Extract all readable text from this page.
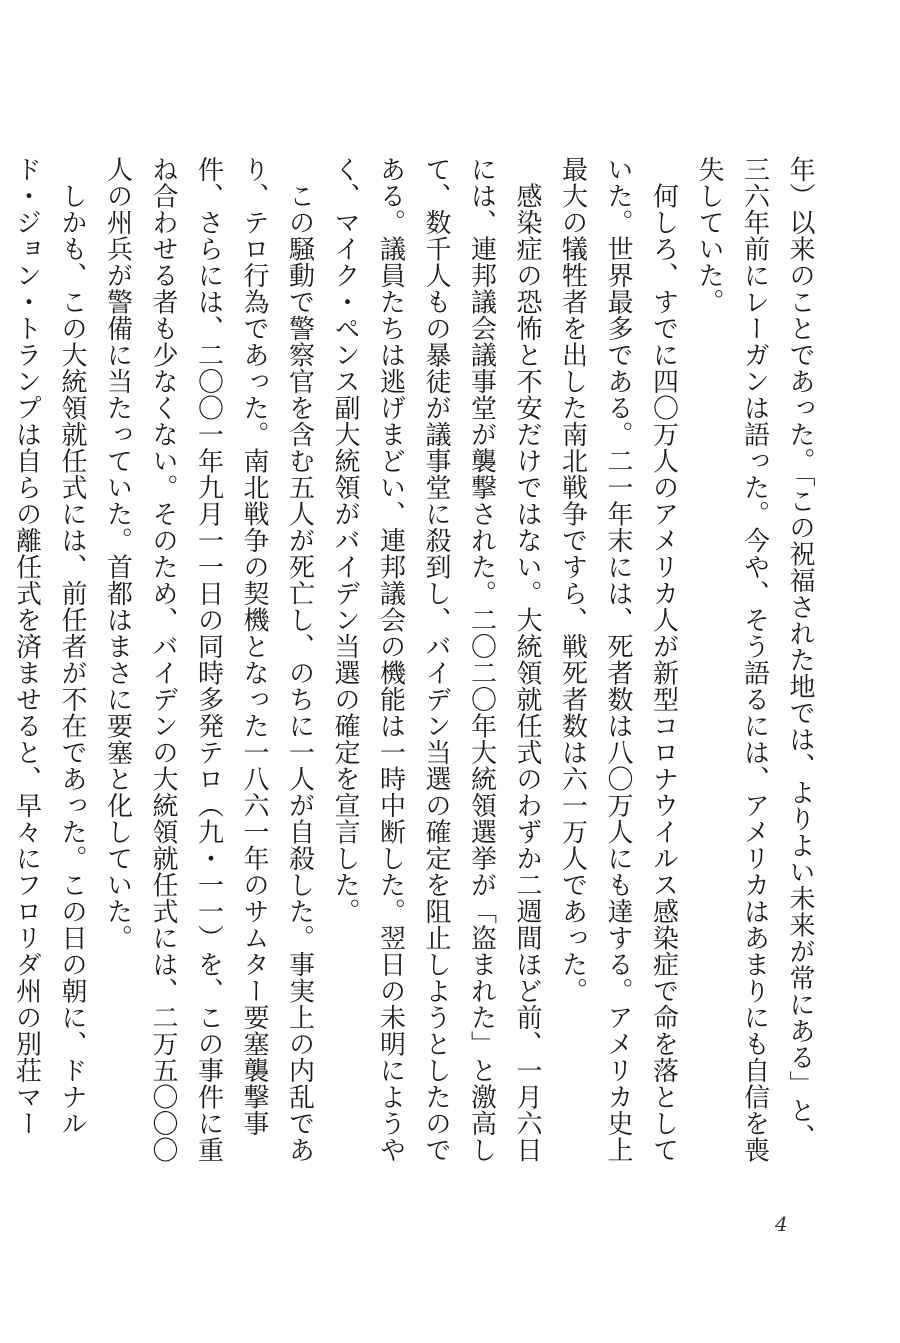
年）以来のことであった。「この祝福された地では、よりよい未来が常にある」と、三六年前にレーガンは語った。今や、そう語るには、アメリカはあまりにも自信を喪失していた。

　何しろ、すでに四〇万人のアメリカ人が新型コロナウイルス感染症で命を落としていた。世界最多である。二一年末には、死者数は八〇万人にも達する。アメリカ史上最大の犠牲者を出した南北戦争ですら、戦死者数は六一万人であった。

　感染症の恐怖と不安だけではない。大統領就任式のわずか二週間ほど前、一月六日には、連邦議会議事堂が襲撃された。二〇二〇年大統領選挙が「盗まれた」と激高して、数千人もの暴徒が議事堂に殺到し、バイデン当選の確定を阻止しようとしたのである。議員たちは逃げまどい、連邦議会の機能は一時中断した。翌日の未明にようやく、マイク・ペンス副大統領がバイデン当選の確定を宣言した。

　この騒動で警察官を含む五人が死亡し、のちに一人が自殺した。事実上の内乱であり、テロ行為であった。南北戦争の契機となった一八六一年のサムター要塞襲撃事件、さらには、二〇〇一年九月一一日の同時多発テロ（九・一一）を、この事件に重ね合わせる者も少なくない。そのため、バイデンの大統領就任式には、二万五〇〇〇人の州兵が警備に当たっていた。首都はまさに要塞と化していた。

　しかも、この大統領就任式には、前任者が不在であった。この日の朝に、ドナルド・ジョン・トランプは自らの離任式を済ませると、早々にフロリダ州の別荘マー

4
